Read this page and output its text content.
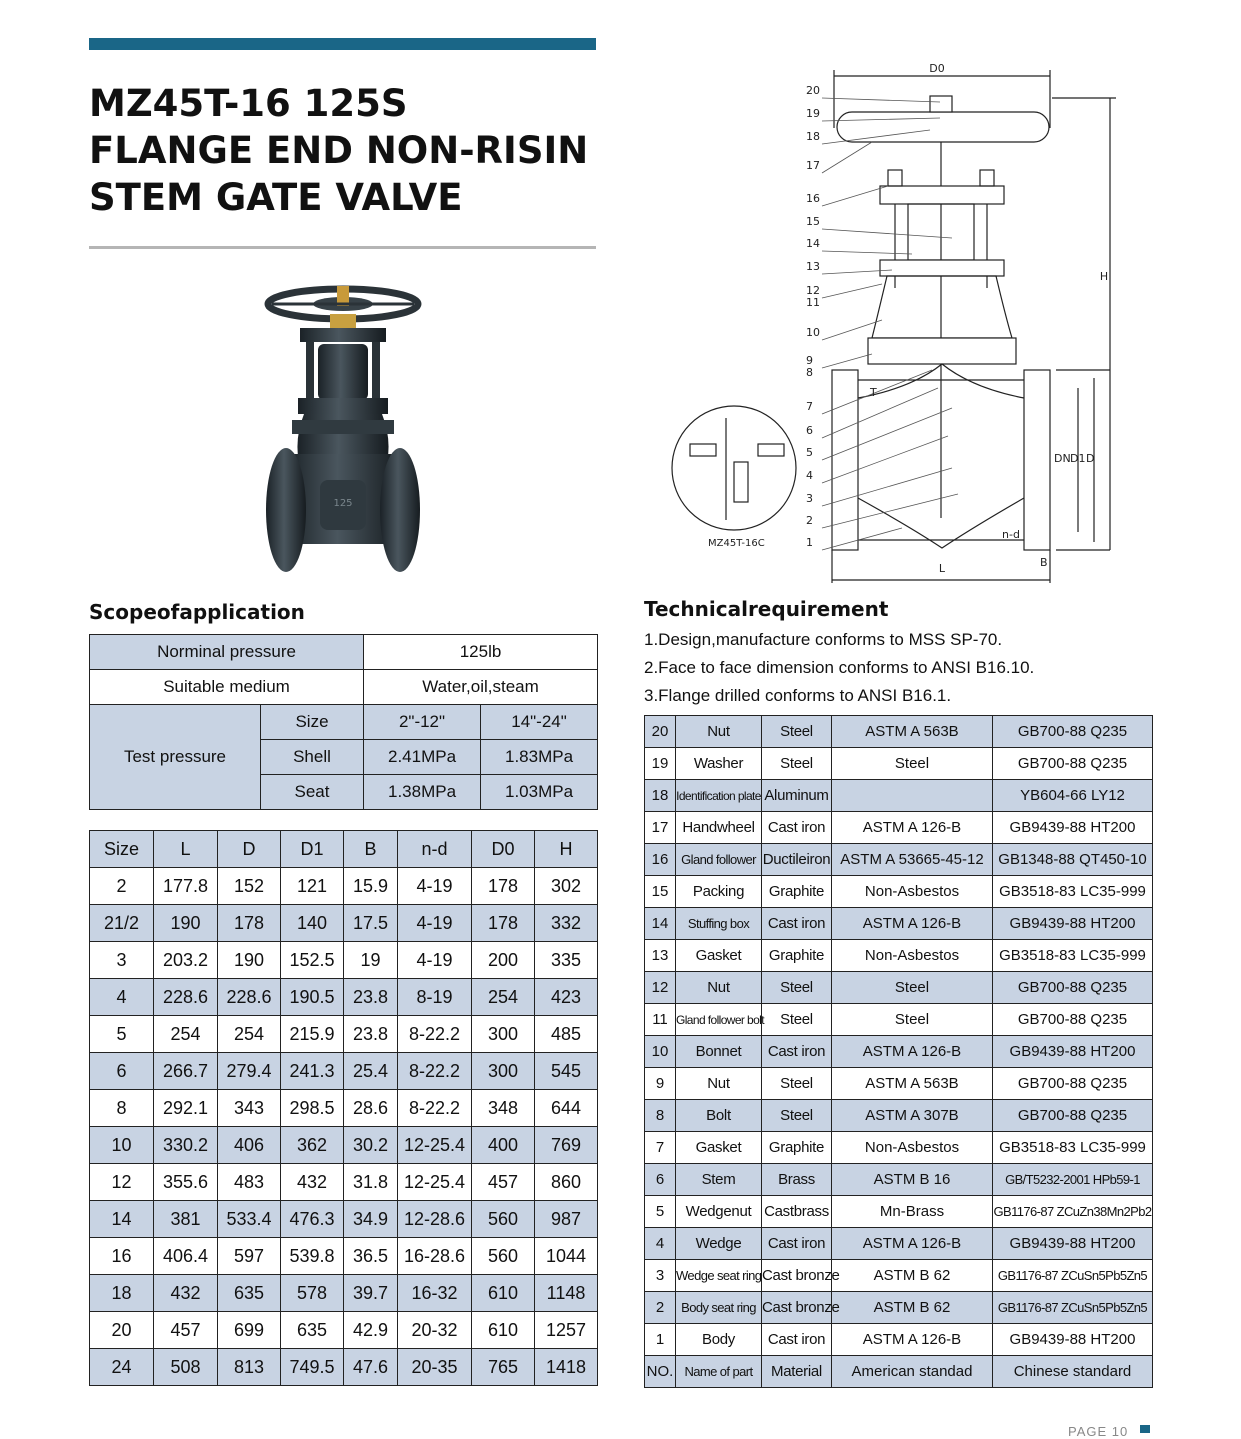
MZ45T-16 125S
FLANGE END NON-RISIN
STEM GATE VALVE
125
D0
H
L	B
DN D1 D
n-d
T
MZ45T-16C
20
19
18
17
16
15
14
13
12
11
10
9
8
7
6
5
4
3
2
1
Scopeofapplication	Technicalrequirement
1.Design,manufacture conforms to MSS SP-70.
2.Face to face dimension conforms to ANSI B16.10.
3.Flange drilled conforms to ANSI B16.1.
Norminal pressure		125lb	
Suitable medium		Water,oil,steam	
Test pressure	Size	2"-12"	14"-24"
	Shell	2.41MPa	1.83MPa
	Seat	1.38MPa	1.03MPa
Size	L	D	D1	B	n-d	D0	H
2	177.8	152	121	15.9	4-19	178	302
21/2	190	178	140	17.5	4-19	178	332
3	203.2	190	152.5	19	4-19	200	335
4	228.6	228.6	190.5	23.8	8-19	254	423
5	254	254	215.9	23.8	8-22.2	300	485
6	266.7	279.4	241.3	25.4	8-22.2	300	545
8	292.1	343	298.5	28.6	8-22.2	348	644
10	330.2	406	362	30.2	12-25.4	400	769
12	355.6	483	432	31.8	12-25.4	457	860
14	381	533.4	476.3	34.9	12-28.6	560	987
16	406.4	597	539.8	36.5	16-28.6	560	1044
18	432	635	578	39.7	16-32	610	1148
20	457	699	635	42.9	20-32	610	1257
24	508	813	749.5	47.6	20-35	765	1418
20	Nut	Steel	ASTM A 563B	GB700-88 Q235
19	Washer	Steel	Steel	GB700-88 Q235
18	Identification plate	Aluminum		YB604-66 LY12
17	Handwheel	Cast iron	ASTM A 126-B	GB9439-88 HT200
16	Gland follower	Ductileiron	ASTM A 53665-45-12	GB1348-88 QT450-10
15	Packing	Graphite	Non-Asbestos	GB3518-83 LC35-999
14	Stuffing box	Cast iron	ASTM A 126-B	GB9439-88 HT200
13	Gasket	Graphite	Non-Asbestos	GB3518-83 LC35-999
12	Nut	Steel	Steel	GB700-88 Q235
11	Gland follower bolt	Steel	Steel	GB700-88 Q235
10	Bonnet	Cast iron	ASTM A 126-B	GB9439-88 HT200
9	Nut	Steel	ASTM A 563B	GB700-88 Q235
8	Bolt	Steel	ASTM A 307B	GB700-88 Q235
7	Gasket	Graphite	Non-Asbestos	GB3518-83 LC35-999
6	Stem	Brass	ASTM B 16	GB/T5232-2001 HPb59-1
5	Wedgenut	Castbrass	Mn-Brass	GB1176-87 ZCuZn38Mn2Pb2
4	Wedge	Cast iron	ASTM A 126-B	GB9439-88 HT200
3	Wedge seat ring	Cast bronze	ASTM B 62	GB1176-87 ZCuSn5Pb5Zn5
2	Body seat ring	Cast bronze	ASTM B 62	GB1176-87 ZCuSn5Pb5Zn5
1	Body	Cast iron	ASTM A 126-B	GB9439-88 HT200
NO.	Name of part	Material	American standad	Chinese standard
PAGE 10
